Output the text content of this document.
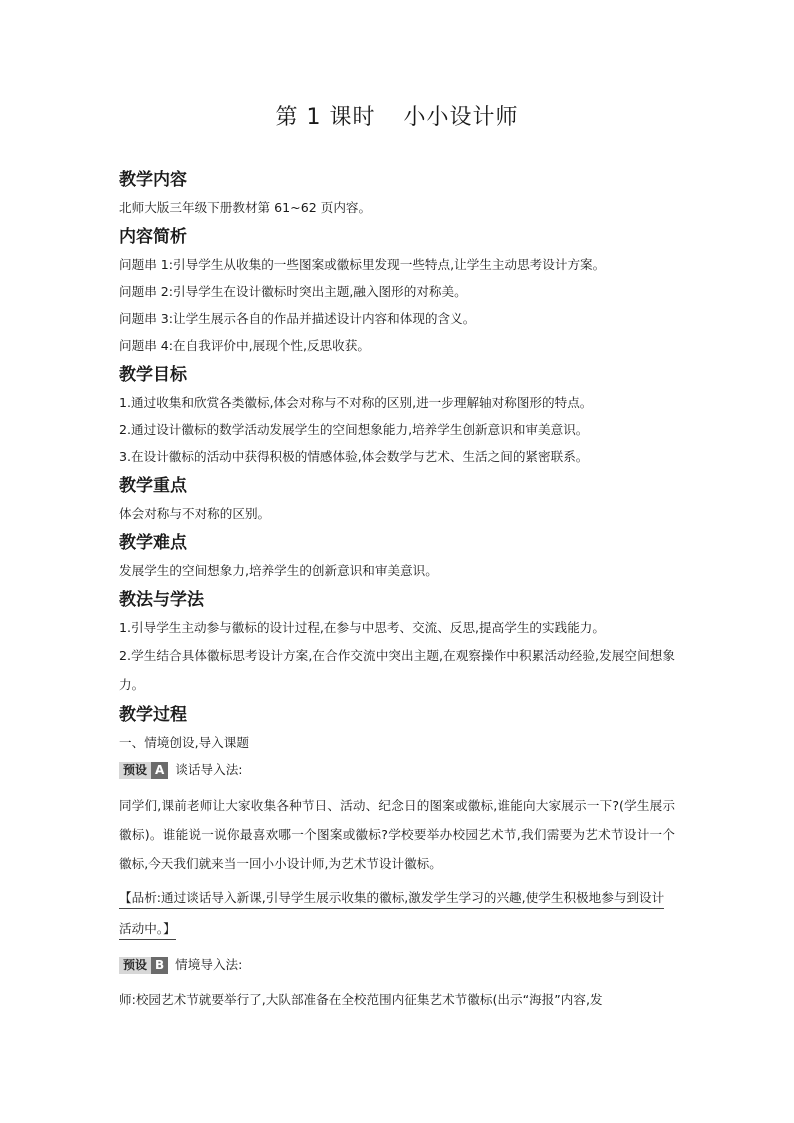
第 1 课时 小小设计师
教学内容
北师大版三年级下册教材第 61~62 页内容。
内容简析
问题串 1:引导学生从收集的一些图案或徽标里发现一些特点,让学生主动思考设计方案。
问题串 2:引导学生在设计徽标时突出主题,融入图形的对称美。
问题串 3:让学生展示各自的作品并描述设计内容和体现的含义。
问题串 4:在自我评价中,展现个性,反思收获。
教学目标
1.通过收集和欣赏各类徽标,体会对称与不对称的区别,进一步理解轴对称图形的特点。
2.通过设计徽标的数学活动发展学生的空间想象能力,培养学生创新意识和审美意识。
3.在设计徽标的活动中获得积极的情感体验,体会数学与艺术、生活之间的紧密联系。
教学重点
体会对称与不对称的区别。
教学难点
发展学生的空间想象力,培养学生的创新意识和审美意识。
教法与学法
1.引导学生主动参与徽标的设计过程,在参与中思考、交流、反思,提高学生的实践能力。
2.学生结合具体徽标思考设计方案,在合作交流中突出主题,在观察操作中积累活动经验,发展空间想象力。
教学过程
一、情境创设,导入课题
预设 A 谈话导入法:
同学们,课前老师让大家收集各种节日、活动、纪念日的图案或徽标,谁能向大家展示一下?(学生展示徽标)。谁能说一说你最喜欢哪一个图案或徽标?学校要举办校园艺术节,我们需要为艺术节设计一个徽标,今天我们就来当一回小小设计师,为艺术节设计徽标。
【品析:通过谈话导入新课,引导学生展示收集的徽标,激发学生学习的兴趣,使学生积极地参与到设计活动中。】
预设 B 情境导入法:
师:校园艺术节就要举行了,大队部准备在全校范围内征集艺术节徽标(出示“海报”内容,发
